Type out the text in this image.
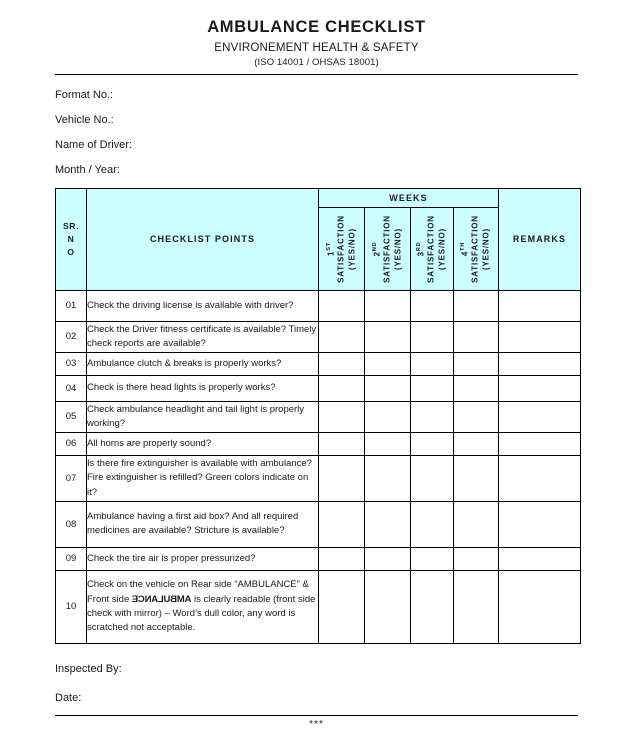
AMBULANCE CHECKLIST
ENVIRONEMENT HEALTH & SAFETY
(ISO 14001 / OHSAS 18001)
Format No.:
Vehicle No.:
Name of Driver:
Month / Year:
SR.
N
O	CHECKLIST POINTS	WEEKS				REMARKS

		1ST SATISFACTION (YES/NO)	2ND SATISFACTION (YES/NO)	3RD SATISFACTION (YES/NO)	4TH SATISFACTION (YES/NO)	

01	Check the driving license is available with driver?					
02	Check the Driver fitness certificate is available? Timely check reports are available?					
03	Ambulance clutch & breaks is properly works?					
04	Check is there head lights is properly works?					
05	Check ambulance headlight and tail light is properly working?					
06	All horns are properly sound?					
07	Is there fire extinguisher is available with ambulance? Fire extinguisher is refilled? Green colors indicate on it?					
08	Ambulance having a first aid box? And all required medicines are available? Stricture is available?					
09	Check the tire air is proper pressurized?					
10	Check on the vehicle on Rear side “AMBULANCE” & Front side AMBULANCE is clearly readable (front side check with mirror) – Word’s dull color, any word is scratched not acceptable.					
Inspected By:
Date:
***
